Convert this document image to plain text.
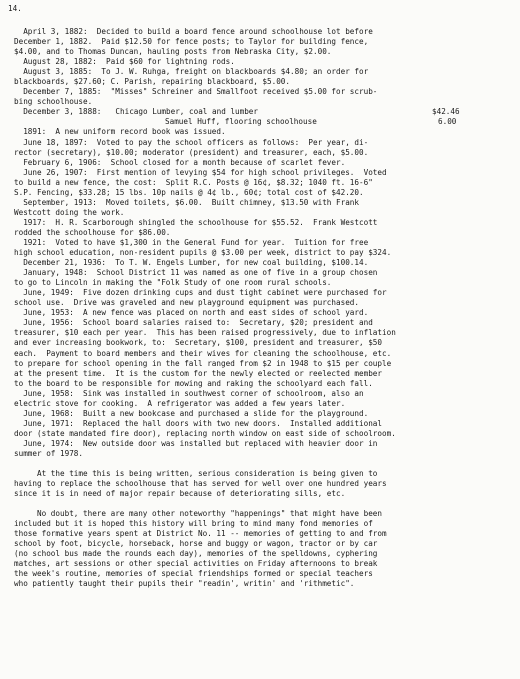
14.
April 3, 1882:  Decided to build a board fence around schoolhouse lot before
December 1, 1882.  Paid $12.50 for fence posts; to Taylor for building fence,
$4.00, and to Thomas Duncan, hauling posts from Nebraska City, $2.00.
August 28, 1882:  Paid $60 for lightning rods.
August 3, 1885:  To J. W. Ruhga, freight on blackboards $4.80; an order for
blackboards, $27.60; C. Parish, repairing blackboard, $5.00.
December 7, 1885:  "Misses" Schreiner and Smallfoot received $5.00 for scrub-
bing schoolhouse.
December 3, 1888: Chicago Lumber, coal and lumber	$42.46
Samuel Huff, flooring schoolhouse	6.00
1891:  A new uniform record book was issued.
June 18, 1897:  Voted to pay the school officers as follows:  Per year, di-
rector (secretary), $10.00; moderator (president) and treasurer, each, $5.00.
February 6, 1906:  School closed for a month because of scarlet fever.
June 26, 1907:  First mention of levying $54 for high school privileges.  Voted
to build a new fence, the cost:  Split R.C. Posts @ 16¢, $8.32; 1040 ft. 16-6"
S.P. Fencing, $33.28; 15 lbs. 10p nails @ 4¢ lb., 60¢; total cost of $42.20.
September, 1913:  Moved toilets, $6.00.  Built chimney, $13.50 with Frank
Westcott doing the work.
1917:  H. R. Scarborough shingled the schoolhouse for $55.52.  Frank Westcott
rodded the schoolhouse for $86.00.
1921:  Voted to have $1,300 in the General Fund for year.  Tuition for free
high school education, non-resident pupils @ $3.00 per week, district to pay $324.
December 21, 1936:  To T. W. Engels Lumber, for new coal building, $100.14.
January, 1948:  School District 11 was named as one of five in a group chosen
to go to Lincoln in making the "Folk Study of one room rural schools.
June, 1949:  Five dozen drinking cups and dust tight cabinet were purchased for
school use.  Drive was graveled and new playground equipment was purchased.
June, 1953:  A new fence was placed on north and east sides of school yard.
June, 1956:  School board salaries raised to:  Secretary, $20; president and
treasurer, $10 each per year.  This has been raised progressively, due to inflation
and ever increasing bookwork, to:  Secretary, $100, president and treasurer, $50
each.  Payment to board members and their wives for cleaning the schoolhouse, etc.
to prepare for school opening in the fall ranged from $2 in 1948 to $15 per couple
at the present time.  It is the custom for the newly elected or reelected member
to the board to be responsible for mowing and raking the schoolyard each fall.
June, 1958:  Sink was installed in southwest corner of schoolroom, also an
electric stove for cooking.  A refrigerator was added a few years later.
June, 1968:  Built a new bookcase and purchased a slide for the playground.
June, 1971:  Replaced the hall doors with two new doors.  Installed additional
door (state mandated fire door), replacing north window on east side of schoolroom.
June, 1974:  New outside door was installed but replaced with heavier door in
summer of 1978.
At the time this is being written, serious consideration is being given to
having to replace the schoolhouse that has served for well over one hundred years
since it is in need of major repair because of deteriorating sills, etc.
No doubt, there are many other noteworthy "happenings" that might have been
included but it is hoped this history will bring to mind many fond memories of
those formative years spent at District No. 11 -- memories of getting to and from
school by foot, bicycle, horseback, horse and buggy or wagon, tractor or by car
(no school bus made the rounds each day), memories of the spelldowns, cyphering
matches, art sessions or other special activities on Friday afternoons to break
the week's routine, memories of special friendships formed or special teachers
who patiently taught their pupils their "readin', writin' and 'rithmetic".
